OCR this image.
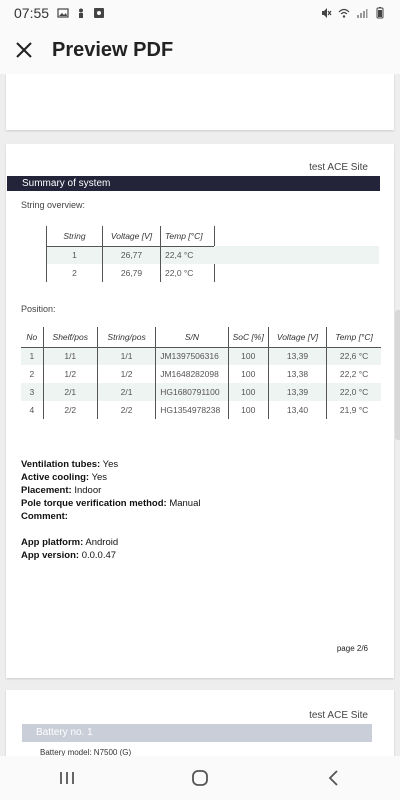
07:55
Preview PDF
test ACE Site
Summary of system
String overview:
String	Voltage [V]	Temp [°C]
1	26,77	22,4 °C
2	26,79	22,0 °C
Position:
No	Shelf/pos	String/pos	S/N	SoC [%]	Voltage [V]	Temp [°C]
1	1/1	1/1	JM1397506316	100	13,39	22,6 °C
2	1/2	1/2	JM1648282098	100	13,38	22,2 °C
3	2/1	2/1	HG1680791100	100	13,39	22,0 °C
4	2/2	2/2	HG1354978238	100	13,40	21,9 °C
Ventilation tubes: Yes
Active cooling: Yes
Placement: Indoor
Pole torque verification method: Manual
Comment:
App platform: Android
App version: 0.0.0.47
page 2/6
test ACE Site
Battery no. 1
Battery model: N7500 (G)
